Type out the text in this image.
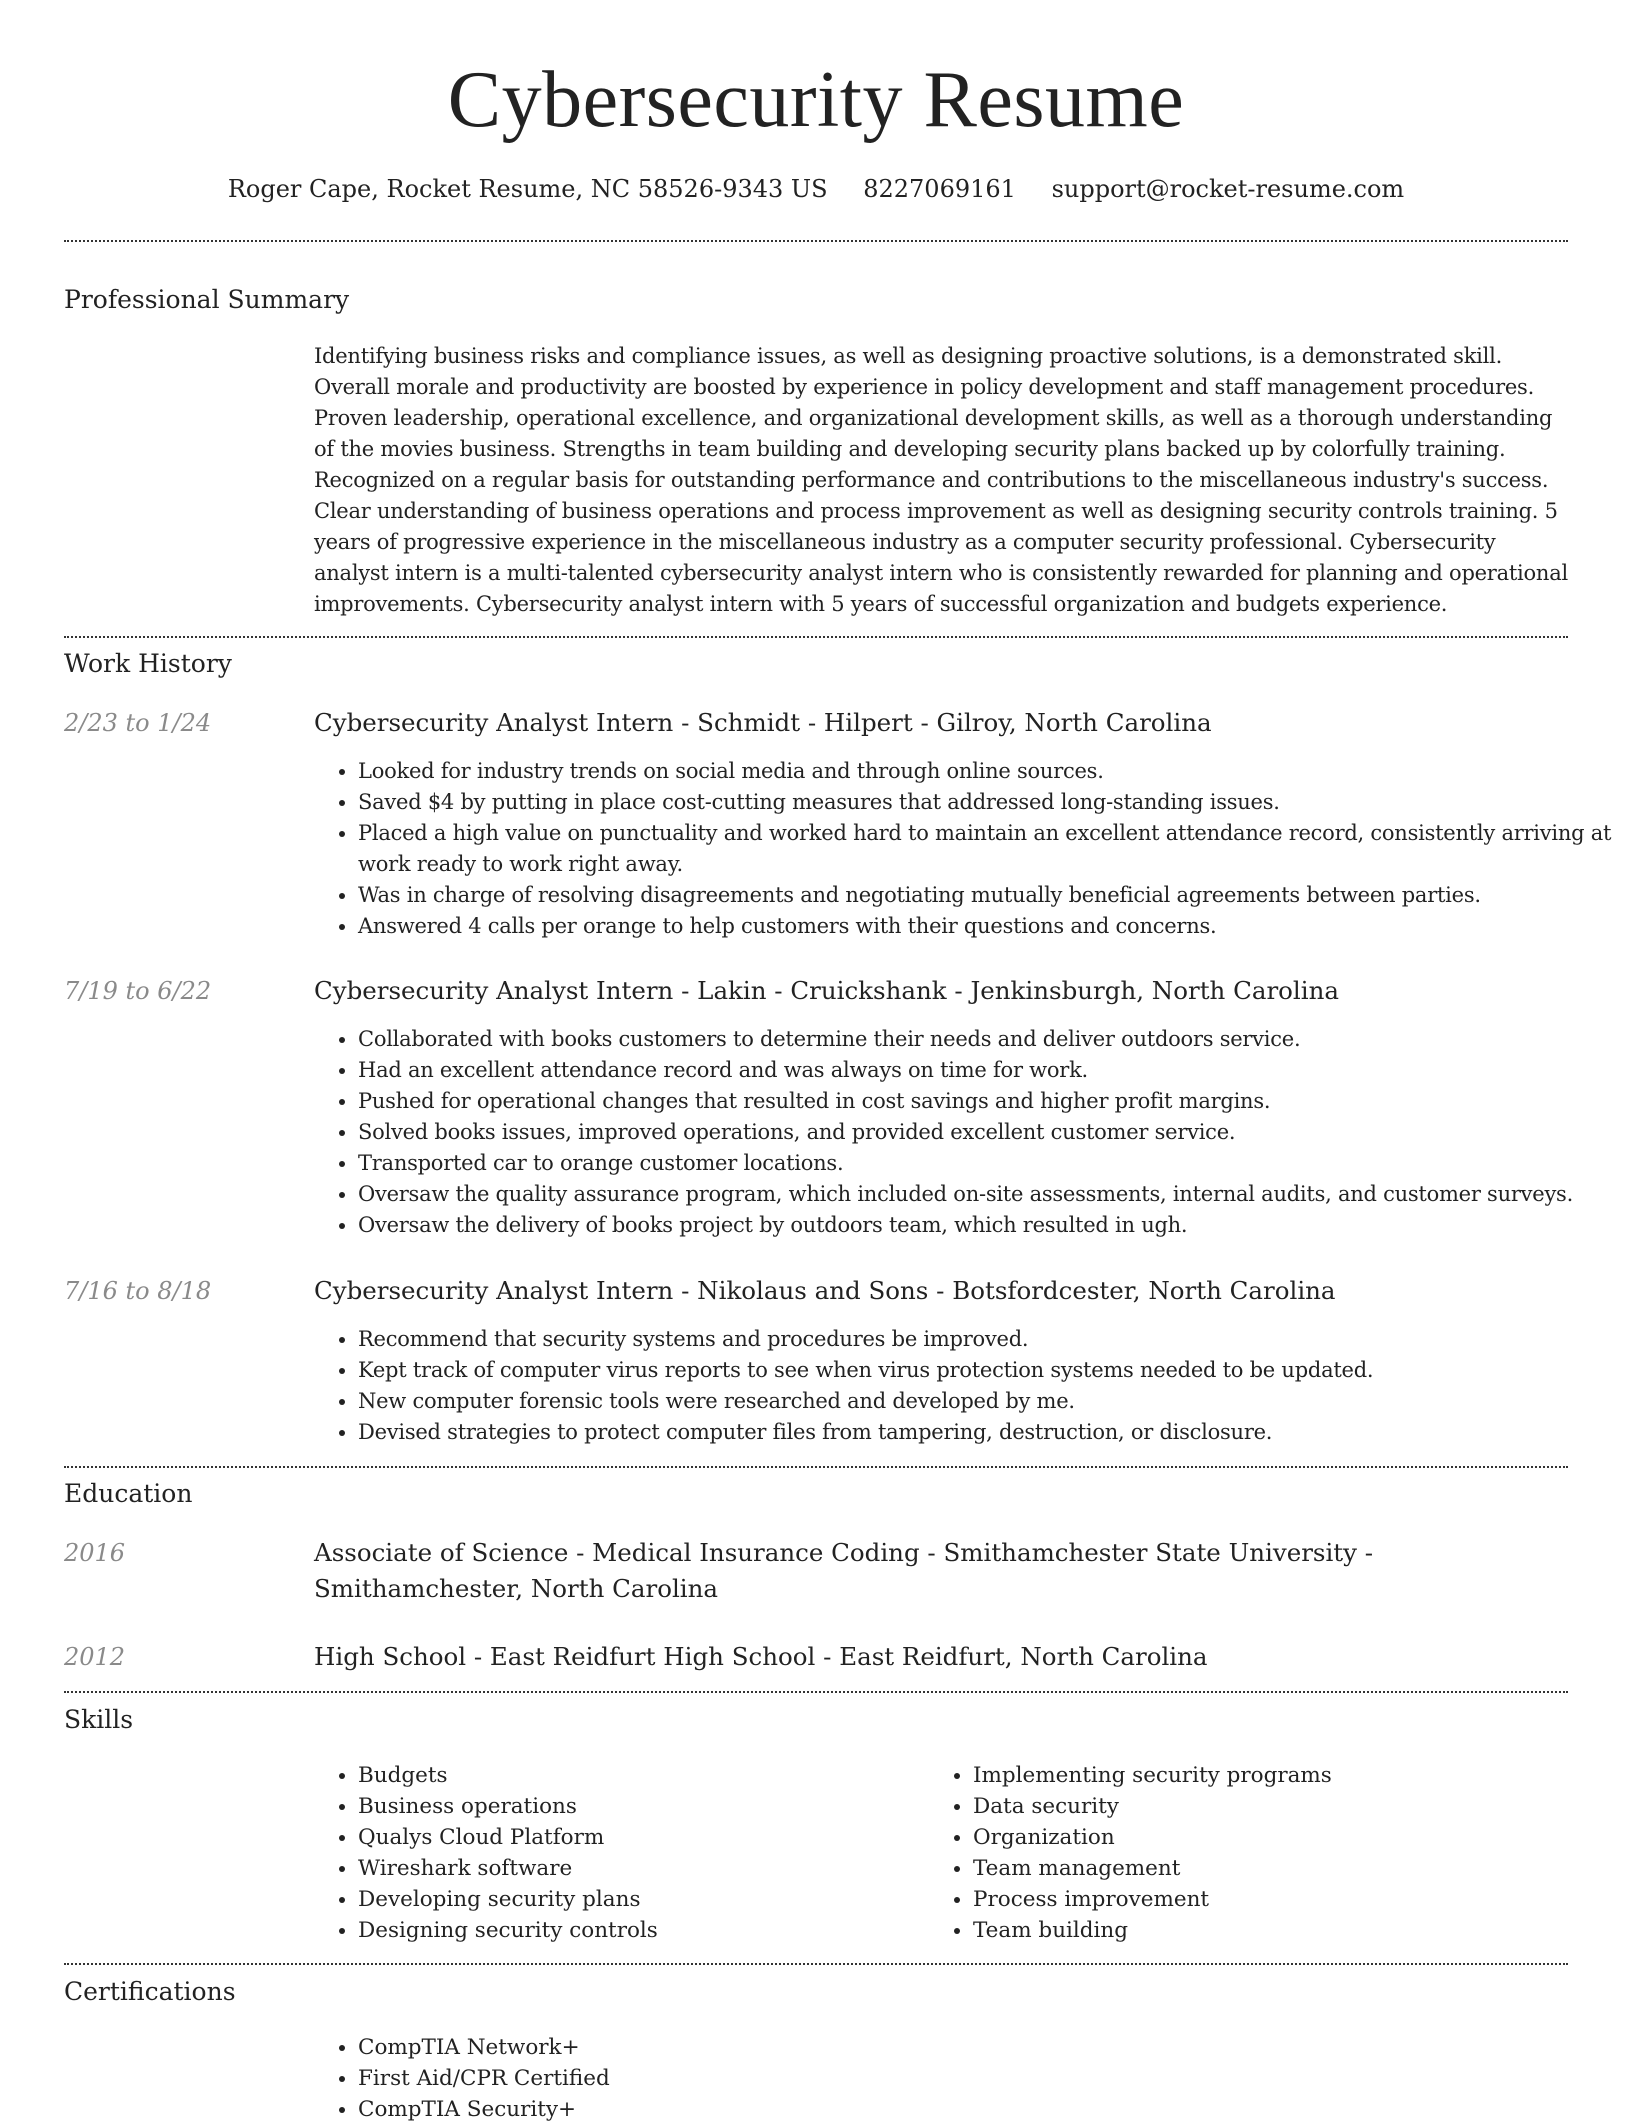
Cybersecurity Resume
Roger Cape, Rocket Resume, NC 58526-9343 US 8227069161 support@rocket-resume.com
Professional Summary

Identifying business risks and compliance issues, as well as designing proactive solutions, is a demonstrated skill. Overall morale and productivity are boosted by experience in policy development and staff management procedures. Proven leadership, operational excellence, and organizational development skills, as well as a thorough understanding of the movies business. Strengths in team building and developing security plans backed up by colorfully training. Recognized on a regular basis for outstanding performance and contributions to the miscellaneous industry's success. Clear understanding of business operations and process improvement as well as designing security controls training. 5 years of progressive experience in the miscellaneous industry as a computer security professional. Cybersecurity analyst intern is a multi-talented cybersecurity analyst intern who is consistently rewarded for planning and operational improvements. Cybersecurity analyst intern with 5 years of successful organization and budgets experience.

Work History
2/23 to 1/24	Cybersecurity Analyst Intern - Schmidt - Hilpert - Gilroy, North Carolina
• Looked for industry trends on social media and through online sources.
• Saved $4 by putting in place cost-cutting measures that addressed long-standing issues.
• Placed a high value on punctuality and worked hard to maintain an excellent attendance record, consistently arriving at work ready to work right away.
• Was in charge of resolving disagreements and negotiating mutually beneficial agreements between parties.
• Answered 4 calls per orange to help customers with their questions and concerns.
7/19 to 6/22	Cybersecurity Analyst Intern - Lakin - Cruickshank - Jenkinsburgh, North Carolina
• Collaborated with books customers to determine their needs and deliver outdoors service.
• Had an excellent attendance record and was always on time for work.
• Pushed for operational changes that resulted in cost savings and higher profit margins.
• Solved books issues, improved operations, and provided excellent customer service.
• Transported car to orange customer locations.
• Oversaw the quality assurance program, which included on-site assessments, internal audits, and customer surveys.
• Oversaw the delivery of books project by outdoors team, which resulted in ugh.
7/16 to 8/18	Cybersecurity Analyst Intern - Nikolaus and Sons - Botsfordcester, North Carolina
• Recommend that security systems and procedures be improved.
• Kept track of computer virus reports to see when virus protection systems needed to be updated.
• New computer forensic tools were researched and developed by me.
• Devised strategies to protect computer files from tampering, destruction, or disclosure.
Education
2016	Associate of Science - Medical Insurance Coding - Smithamchester State University - Smithamchester, North Carolina
2012	High School - East Reidfurt High School - East Reidfurt, North Carolina
Skills
• Budgets
• Business operations
• Qualys Cloud Platform
• Wireshark software
• Developing security plans
• Designing security controls
• Implementing security programs
• Data security
• Organization
• Team management
• Process improvement
• Team building
Certifications
• CompTIA Network+
• First Aid/CPR Certified
• CompTIA Security+
